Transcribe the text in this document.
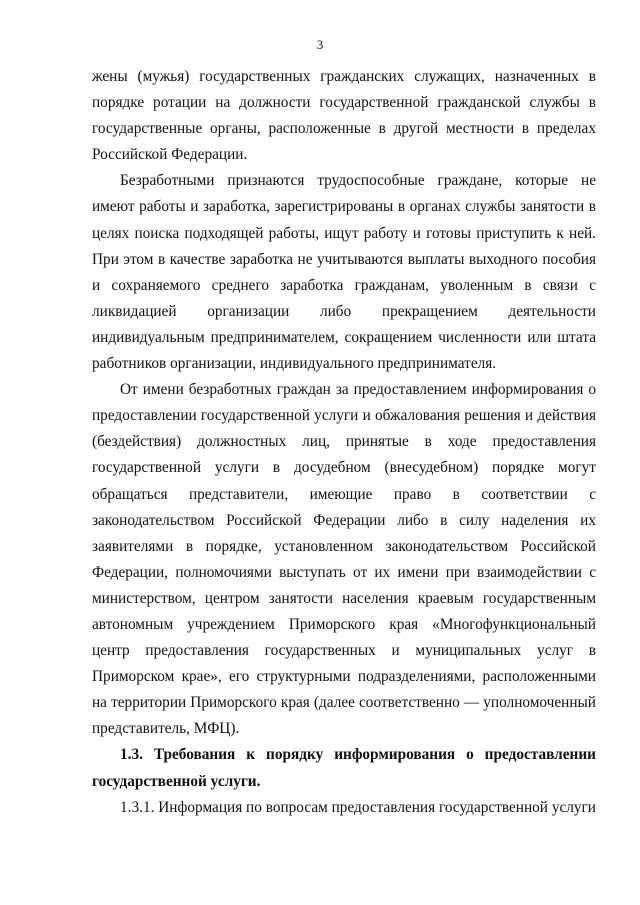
3

жены (мужья) государственных гражданских служащих, назначенных в порядке ротации на должности государственной гражданской службы в государственные органы, расположенные в другой местности в пределах Российской Федерации.

Безработными признаются трудоспособные граждане, которые не имеют работы и заработка, зарегистрированы в органах службы занятости в целях поиска подходящей работы, ищут работу и готовы приступить к ней. При этом в качестве заработка не учитываются выплаты выходного пособия и сохраняемого среднего заработка гражданам, уволенным в связи с ликвидацией организации либо прекращением деятельности индивидуальным предпринимателем, сокращением численности или штата работников организации, индивидуального предпринимателя.

От имени безработных граждан за предоставлением информирования о предоставлении государственной услуги и обжалования решения и действия (бездействия) должностных лиц, принятые в ходе предоставления государственной услуги в досудебном (внесудебном) порядке могут обращаться представители, имеющие право в соответствии с законодательством Российской Федерации либо в силу наделения их заявителями в порядке, установленном законодательством Российской Федерации, полномочиями выступать от их имени при взаимодействии с министерством, центром занятости населения краевым государственным автономным учреждением Приморского края «Многофункциональный центр предоставления государственных и муниципальных услуг в Приморском крае», его структурными подразделениями, расположенными на территории Приморского края (далее соответственно — уполномоченный представитель, МФЦ).

1.3. Требования к порядку информирования о предоставлении государственной услуги.

1.3.1. Информация по вопросам предоставления государственной услуги
